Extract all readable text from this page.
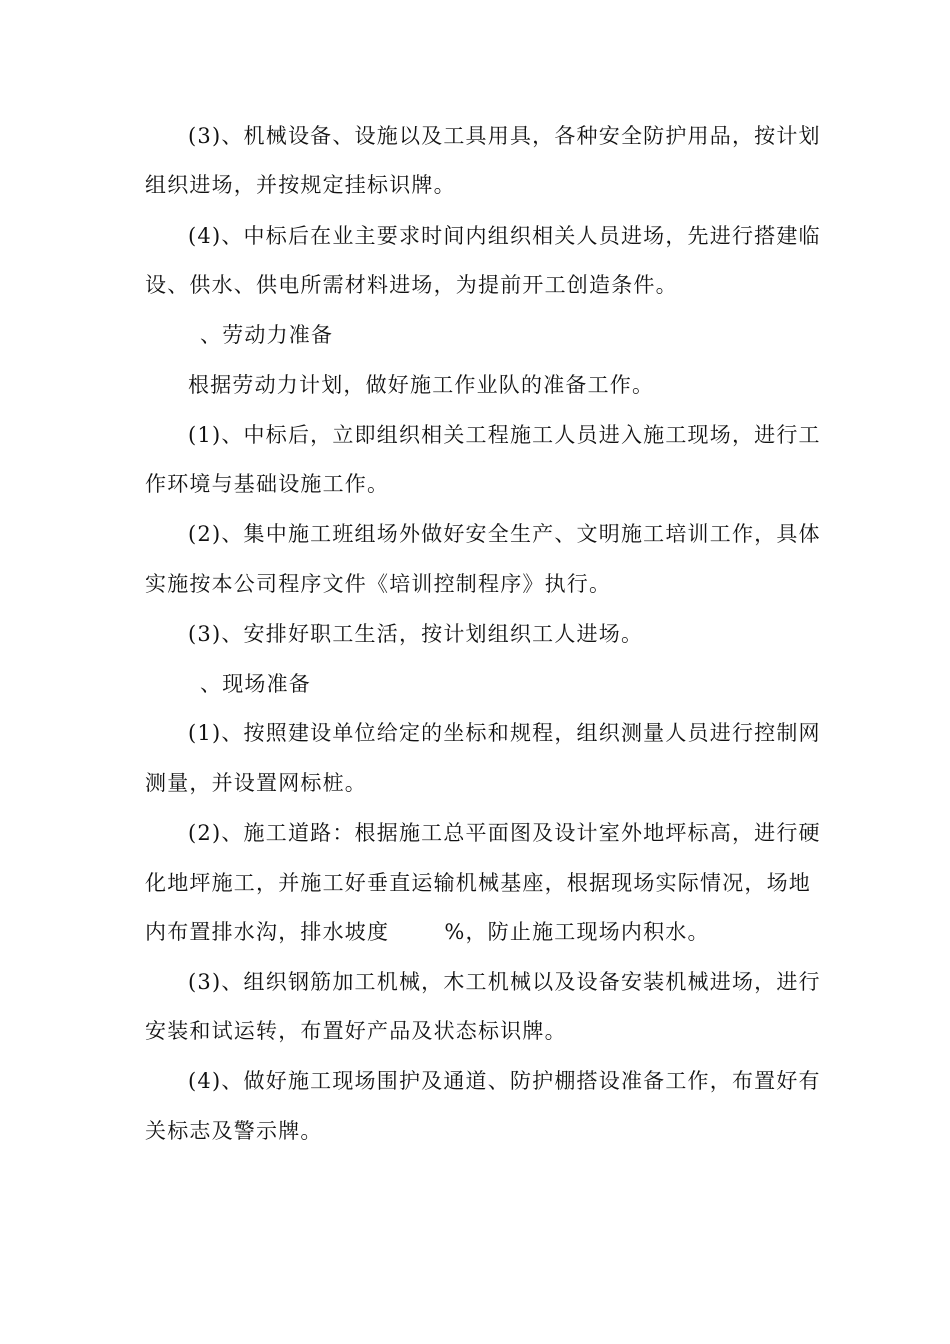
(3)、机械设备、设施以及工具用具，各种安全防护用品，按计划
组织进场，并按规定挂标识牌。
(4)、中标后在业主要求时间内组织相关人员进场，先进行搭建临
设、供水、供电所需材料进场，为提前开工创造条件。
、劳动力准备
根据劳动力计划，做好施工作业队的准备工作。
(1)、中标后，立即组织相关工程施工人员进入施工现场，进行工
作环境与基础设施工作。
(2)、集中施工班组场外做好安全生产、文明施工培训工作，具体
实施按本公司程序文件《培训控制程序》执行。
(3)、安排好职工生活，按计划组织工人进场。
、现场准备
(1)、按照建设单位给定的坐标和规程，组织测量人员进行控制网
测量，并设置网标桩。
(2)、施工道路：根据施工总平面图及设计室外地坪标高，进行硬
化地坪施工，并施工好垂直运输机械基座，根据现场实际情况，场地
内布置排水沟，排水坡度       %，防止施工现场内积水。
(3)、组织钢筋加工机械，木工机械以及设备安装机械进场，进行
安装和试运转，布置好产品及状态标识牌。
(4)、做好施工现场围护及通道、防护棚搭设准备工作，布置好有
关标志及警示牌。
